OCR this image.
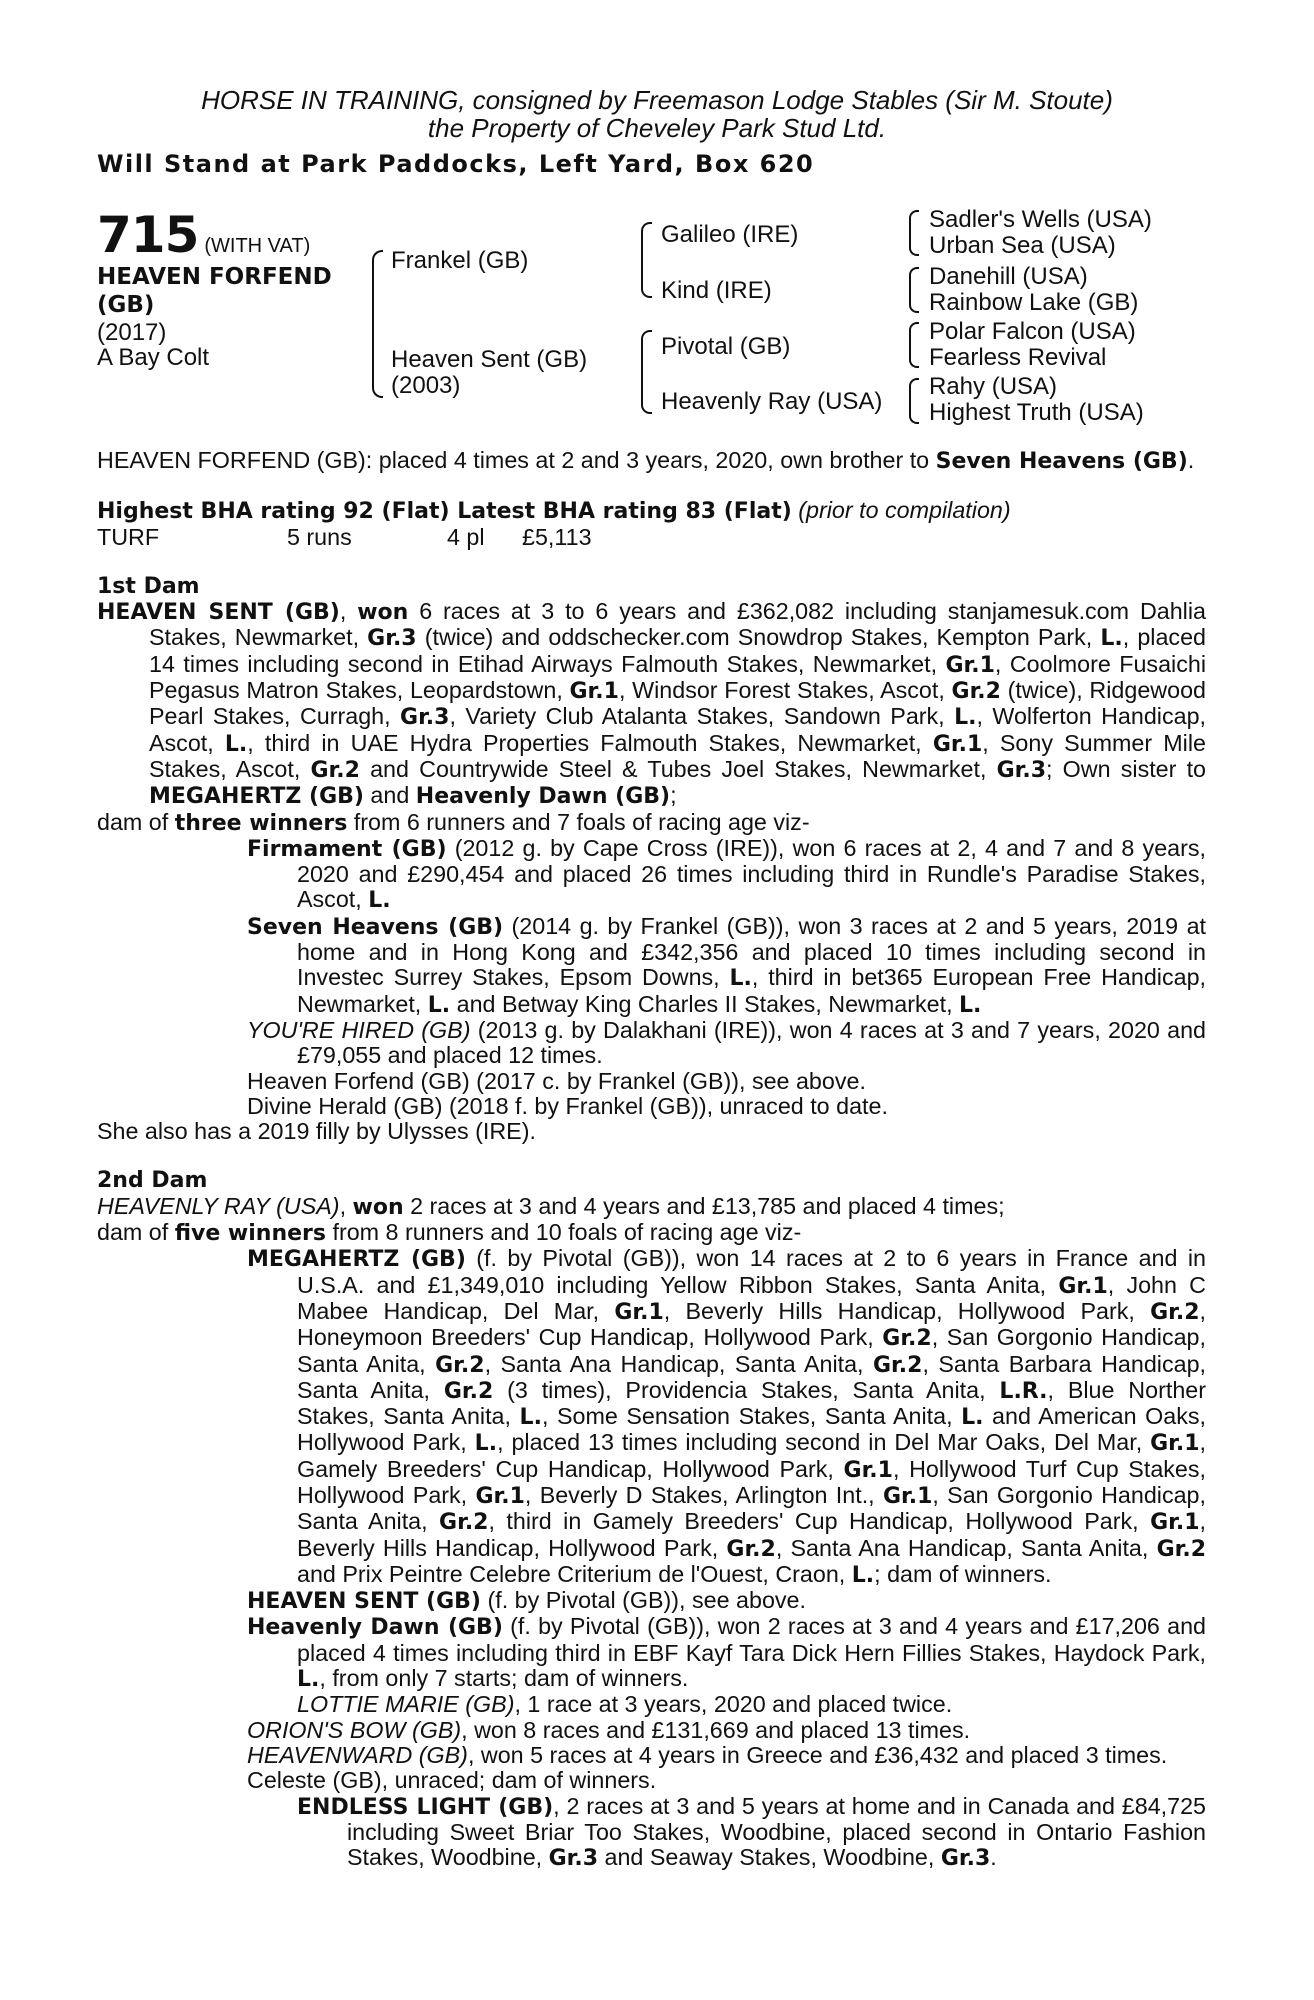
HORSE IN TRAINING, consigned by Freemason Lodge Stables (Sir M. Stoute)
the Property of Cheveley Park Stud Ltd.
Will Stand at Park Paddocks, Left Yard, Box 620
715 (WITH VAT)
HEAVEN FORFEND
(GB)
(2017)
A Bay Colt
Frankel (GB)
Heaven Sent (GB)
(2003)
Galileo (IRE)
Kind (IRE)
Pivotal (GB)
Heavenly Ray (USA)
Sadler's Wells (USA)
Urban Sea (USA)
Danehill (USA)
Rainbow Lake (GB)
Polar Falcon (USA)
Fearless Revival
Rahy (USA)
Highest Truth (USA)

HEAVEN FORFEND (GB): placed 4 times at 2 and 3 years, 2020, own brother to Seven Heavens (GB).

Highest BHA rating 92 (Flat) Latest BHA rating 83 (Flat) (prior to compilation)

TURF	5 runs	4 pl £5,113

1st Dam

HEAVEN SENT (GB), won 6 races at 3 to 6 years and £362,082 including stanjamesuk.com Dahlia Stakes, Newmarket, Gr.3 (twice) and oddschecker.com Snowdrop Stakes, Kempton Park, L., placed 14 times including second in Etihad Airways Falmouth Stakes, Newmarket, Gr.1, Coolmore Fusaichi Pegasus Matron Stakes, Leopardstown, Gr.1, Windsor Forest Stakes, Ascot, Gr.2 (twice), Ridgewood Pearl Stakes, Curragh, Gr.3, Variety Club Atalanta Stakes, Sandown Park, L., Wolferton Handicap, Ascot, L., third in UAE Hydra Properties Falmouth Stakes, Newmarket, Gr.1, Sony Summer Mile Stakes, Ascot, Gr.2 and Countrywide Steel & Tubes Joel Stakes, Newmarket, Gr.3; Own sister to MEGAHERTZ (GB) and Heavenly Dawn (GB);

dam of three winners from 6 runners and 7 foals of racing age viz-

Firmament (GB) (2012 g. by Cape Cross (IRE)), won 6 races at 2, 4 and 7 and 8 years, 2020 and £290,454 and placed 26 times including third in Rundle's Paradise Stakes, Ascot, L.

Seven Heavens (GB) (2014 g. by Frankel (GB)), won 3 races at 2 and 5 years, 2019 at home and in Hong Kong and £342,356 and placed 10 times including second in Investec Surrey Stakes, Epsom Downs, L., third in bet365 European Free Handicap, Newmarket, L. and Betway King Charles II Stakes, Newmarket, L.

YOU'RE HIRED (GB) (2013 g. by Dalakhani (IRE)), won 4 races at 3 and 7 years, 2020 and £79,055 and placed 12 times.

Heaven Forfend (GB) (2017 c. by Frankel (GB)), see above.

Divine Herald (GB) (2018 f. by Frankel (GB)), unraced to date.

She also has a 2019 filly by Ulysses (IRE).

2nd Dam

HEAVENLY RAY (USA), won 2 races at 3 and 4 years and £13,785 and placed 4 times;

dam of five winners from 8 runners and 10 foals of racing age viz-

MEGAHERTZ (GB) (f. by Pivotal (GB)), won 14 races at 2 to 6 years in France and in U.S.A. and £1,349,010 including Yellow Ribbon Stakes, Santa Anita, Gr.1, John C Mabee Handicap, Del Mar, Gr.1, Beverly Hills Handicap, Hollywood Park, Gr.2, Honeymoon Breeders' Cup Handicap, Hollywood Park, Gr.2, San Gorgonio Handicap, Santa Anita, Gr.2, Santa Ana Handicap, Santa Anita, Gr.2, Santa Barbara Handicap, Santa Anita, Gr.2 (3 times), Providencia Stakes, Santa Anita, L.R., Blue Norther Stakes, Santa Anita, L., Some Sensation Stakes, Santa Anita, L. and American Oaks, Hollywood Park, L., placed 13 times including second in Del Mar Oaks, Del Mar, Gr.1, Gamely Breeders' Cup Handicap, Hollywood Park, Gr.1, Hollywood Turf Cup Stakes, Hollywood Park, Gr.1, Beverly D Stakes, Arlington Int., Gr.1, San Gorgonio Handicap, Santa Anita, Gr.2, third in Gamely Breeders' Cup Handicap, Hollywood Park, Gr.1, Beverly Hills Handicap, Hollywood Park, Gr.2, Santa Ana Handicap, Santa Anita, Gr.2 and Prix Peintre Celebre Criterium de l'Ouest, Craon, L.; dam of winners.

HEAVEN SENT (GB) (f. by Pivotal (GB)), see above.

Heavenly Dawn (GB) (f. by Pivotal (GB)), won 2 races at 3 and 4 years and £17,206 and placed 4 times including third in EBF Kayf Tara Dick Hern Fillies Stakes, Haydock Park, L., from only 7 starts; dam of winners.

LOTTIE MARIE (GB), 1 race at 3 years, 2020 and placed twice.

ORION'S BOW (GB), won 8 races and £131,669 and placed 13 times.

HEAVENWARD (GB), won 5 races at 4 years in Greece and £36,432 and placed 3 times.

Celeste (GB), unraced; dam of winners.

ENDLESS LIGHT (GB), 2 races at 3 and 5 years at home and in Canada and £84,725 including Sweet Briar Too Stakes, Woodbine, placed second in Ontario Fashion Stakes, Woodbine, Gr.3 and Seaway Stakes, Woodbine, Gr.3.
